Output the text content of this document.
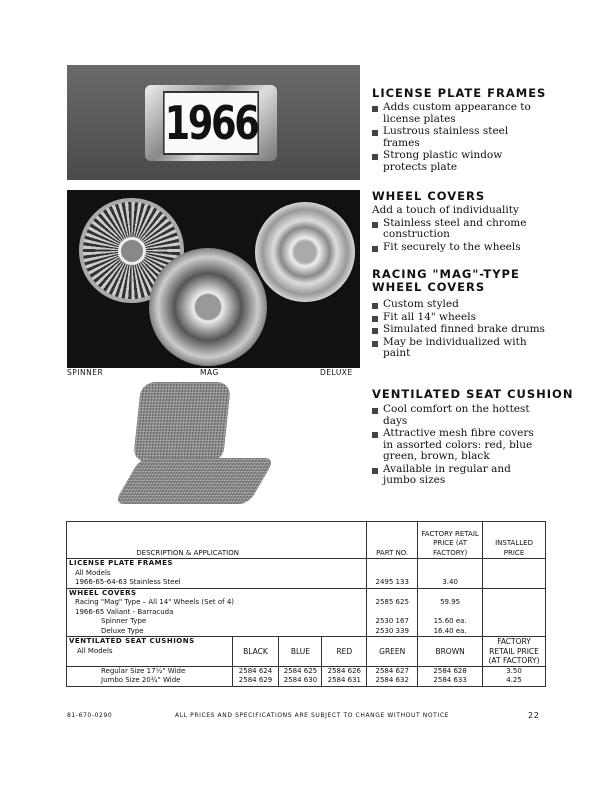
1966
SPINNER	MAG	DELUXE
LICENSE PLATE FRAMES
Adds custom appearance to license plates
Lustrous stainless steel frames
Strong plastic window protects plate
WHEEL COVERS

Add a touch of individuality

Stainless steel and chrome construction
Fit securely to the wheels
RACING "MAG"-TYPE WHEEL COVERS
Custom styled
Fit all 14" wheels
Simulated finned brake drums
May be individualized with paint
VENTILATED SEAT CUSHION
Cool comfort on the hottest days
Attractive mesh fibre covers in assorted colors: red, blue green, brown, black
Available in regular and jumbo sizes
DESCRIPTION & APPLICATION				PART NO.	FACTORY RETAIL PRICE (AT FACTORY)	INSTALLED PRICE
LICENSE PLATE FRAMES						
All Models						
1966-65-64-63 Stainless Steel				2495 133	3.40	
WHEEL COVERS						
Racing "Mag" Type – All 14" Wheels (Set of 4)				2585 625	59.95	
1966-65 Valiant - Barracuda						
Spinner Type				2530 167	15.60 ea.	
Deluxe Type				2530 339	16.40 ea.	

VENTILATED SEAT CUSHIONS
All Models	BLACK	BLUE	RED	GREEN	BROWN	FACTORY RETAIL PRICE (AT FACTORY)
Regular Size 17½" Wide	2584 624	2584 625	2584 626	2584 627	2584 628	3.50
Jumbo Size 20¾" Wide	2584 629	2584 630	2584 631	2584 632	2584 633	4.25
81-670-0290	ALL PRICES AND SPECIFICATIONS ARE SUBJECT TO CHANGE WITHOUT NOTICE	22
